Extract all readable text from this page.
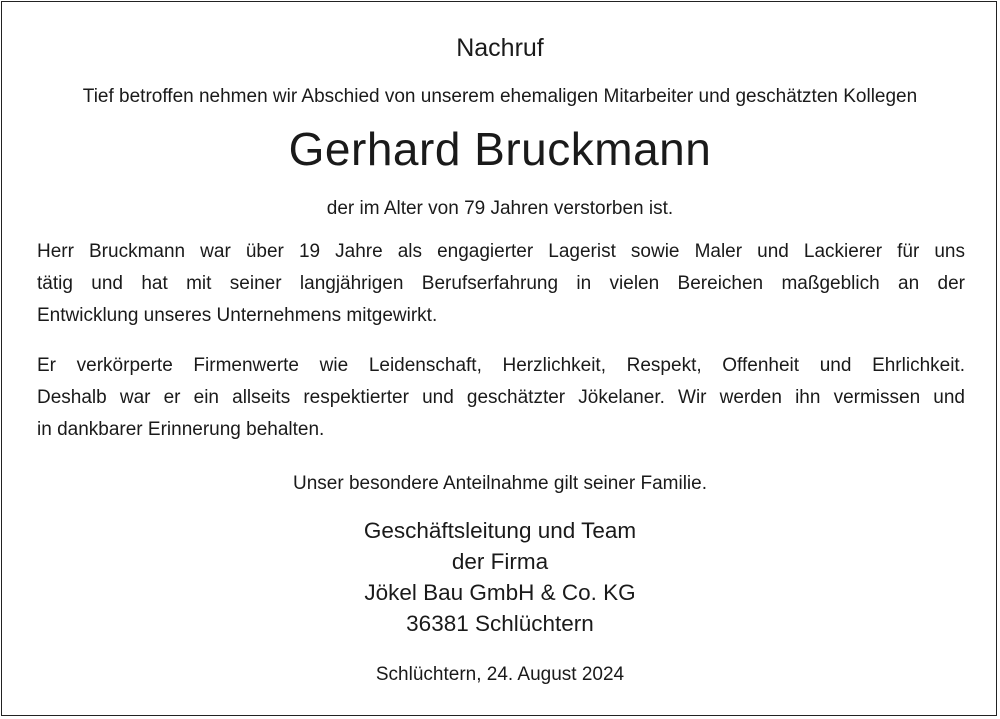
Nachruf
Tief betroffen nehmen wir Abschied von unserem ehemaligen Mitarbeiter und geschätzten Kollegen
Gerhard Bruckmann
der im Alter von 79 Jahren verstorben ist.
Herr Bruckmann war über 19 Jahre als engagierter Lagerist sowie Maler und Lackierer für uns
tätig und hat mit seiner langjährigen Berufserfahrung in vielen Bereichen maßgeblich an der
Entwicklung unseres Unternehmens mitgewirkt.
Er verkörperte Firmenwerte wie Leidenschaft, Herzlichkeit, Respekt, Offenheit und Ehrlichkeit.
Deshalb war er ein allseits respektierter und geschätzter Jökelaner. Wir werden ihn vermissen und
in dankbarer Erinnerung behalten.
Unser besondere Anteilnahme gilt seiner Familie.
Geschäftsleitung und Team
der Firma
Jökel Bau GmbH & Co. KG
36381 Schlüchtern
Schlüchtern, 24. August 2024
